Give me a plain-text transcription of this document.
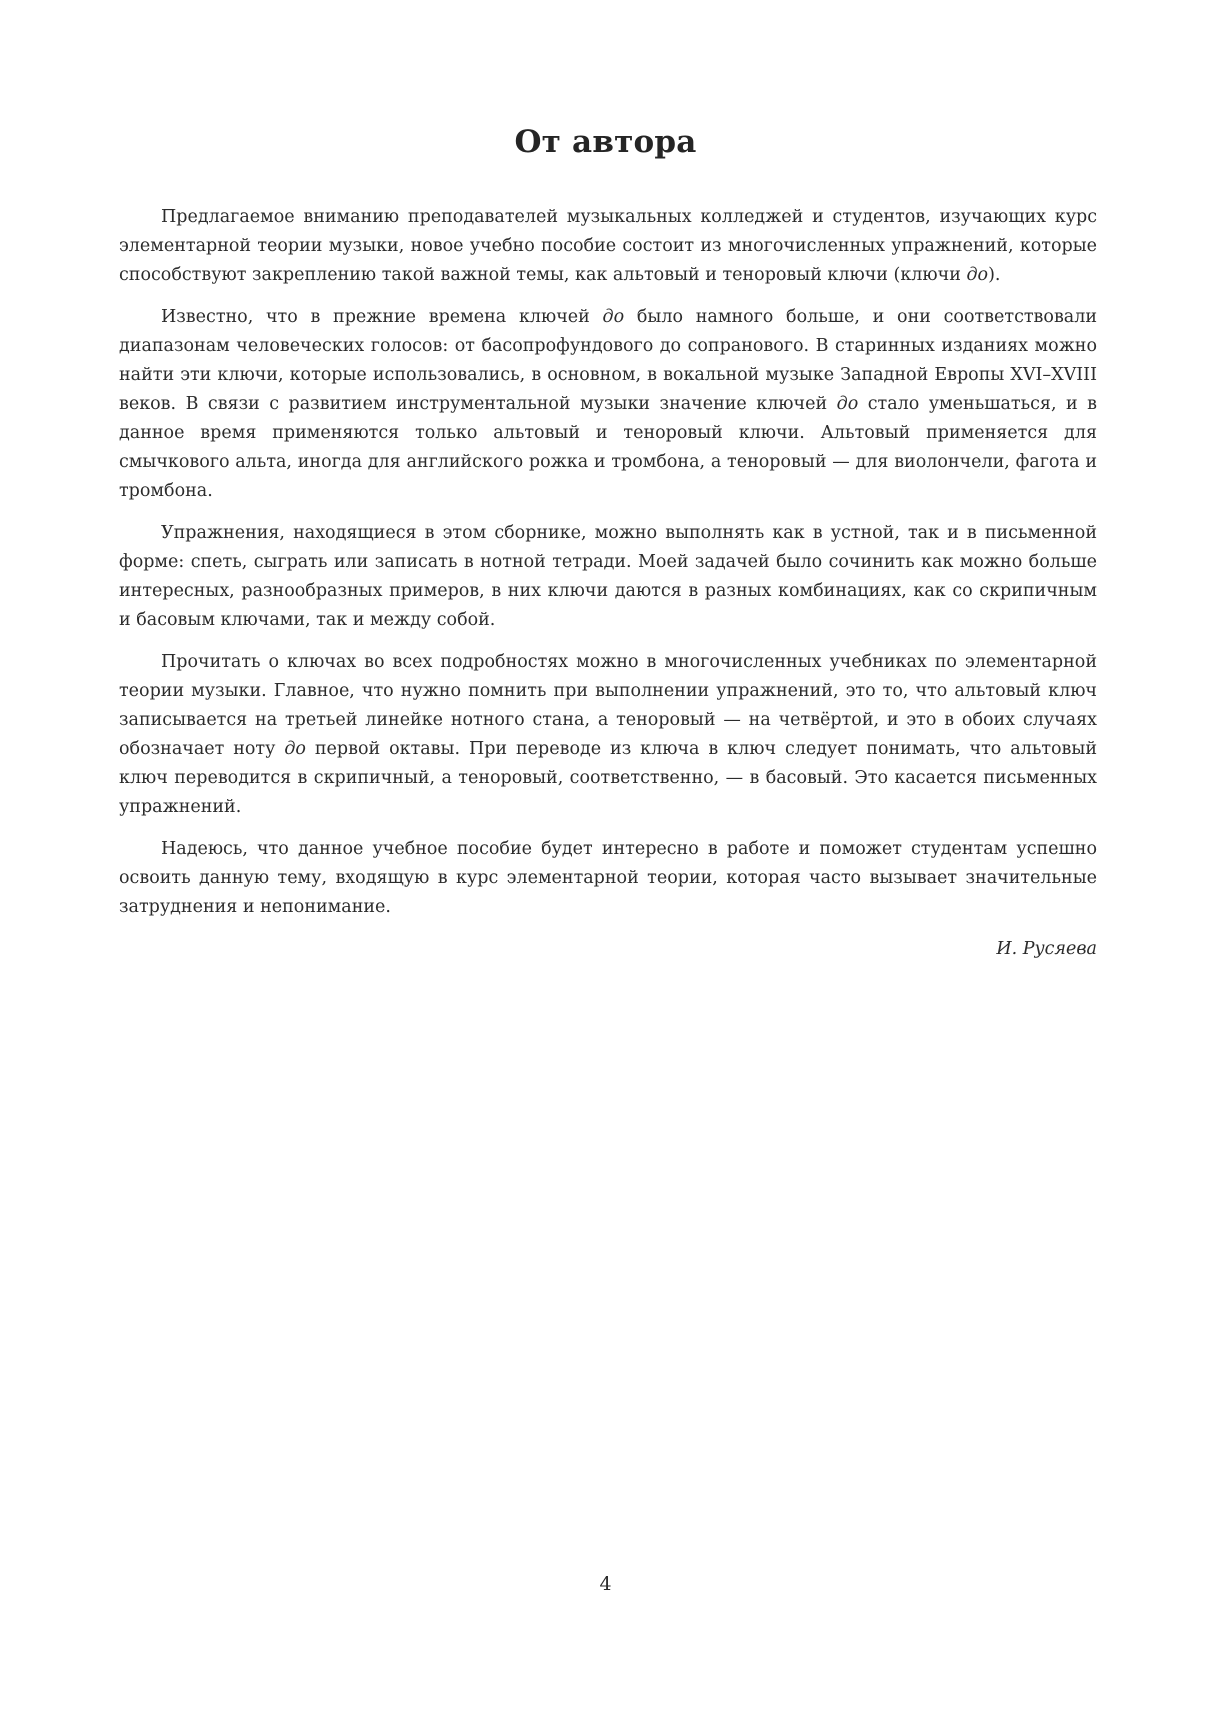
От автора

Предлагаемое вниманию преподавателей музыкальных колледжей и студентов, изучающих курс элементарной теории музыки, новое учебно пособие состоит из многочисленных упражнений, которые способствуют закреплению такой важной темы, как альтовый и теноровый ключи (ключи до).

Известно, что в прежние времена ключей до было намного больше, и они соответствовали диапазонам человеческих голосов: от басопрофундового до сопранового. В старинных изданиях можно найти эти ключи, которые использовались, в основном, в вокальной музыке Западной Европы XVI–XVIII веков. В связи с развитием инструментальной музыки значение ключей до стало уменьшаться, и в данное время применяются только альтовый и теноровый ключи. Альтовый применяется для смычкового альта, иногда для английского рожка и тромбона, а теноровый — для виолончели, фагота и тромбона.

Упражнения, находящиеся в этом сборнике, можно выполнять как в устной, так и в письменной форме: спеть, сыграть или записать в нотной тетради. Моей задачей было сочинить как можно больше интересных, разнообразных примеров, в них ключи даются в разных комбинациях, как со скрипичным и басовым ключами, так и между собой.

Прочитать о ключах во всех подробностях можно в многочисленных учебниках по элементарной теории музыки. Главное, что нужно помнить при выполнении упражнений, это то, что альтовый ключ записывается на третьей линейке нотного стана, а теноровый — на четвёртой, и это в обоих случаях обозначает ноту до первой октавы. При переводе из ключа в ключ следует понимать, что альтовый ключ переводится в скрипичный, а теноровый, соответственно, — в басовый. Это касается письменных упражнений.

Надеюсь, что данное учебное пособие будет интересно в работе и поможет студентам успешно освоить данную тему, входящую в курс элементарной теории, которая часто вызывает значительные затруднения и непонимание.

И. Русяева
4
